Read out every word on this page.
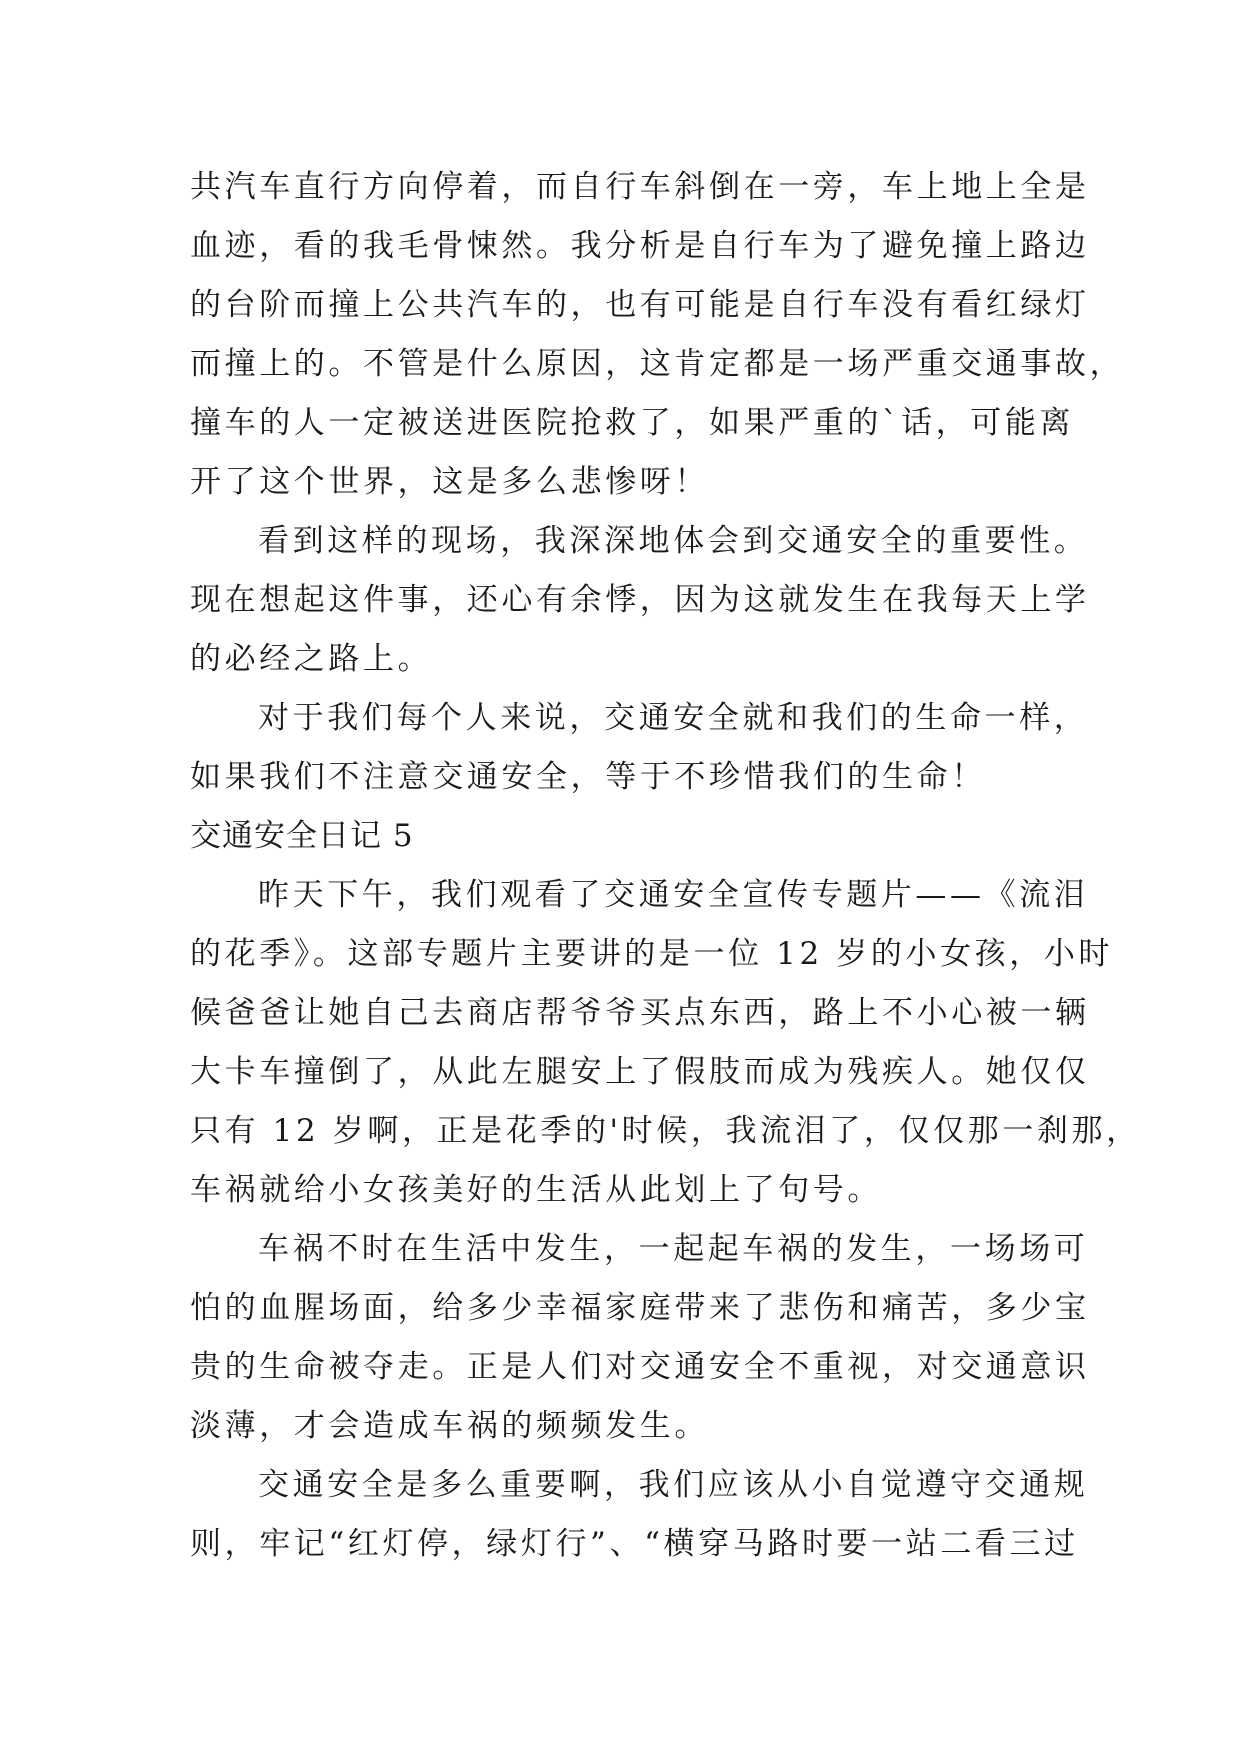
共汽车直行方向停着，而自行车斜倒在一旁，车上地上全是
血迹，看的我毛骨悚然。我分析是自行车为了避免撞上路边
的台阶而撞上公共汽车的，也有可能是自行车没有看红绿灯
而撞上的。不管是什么原因，这肯定都是一场严重交通事故，
撞车的人一定被送进医院抢救了，如果严重的`话，可能离
开了这个世界，这是多么悲惨呀！
看到这样的现场，我深深地体会到交通安全的重要性。
现在想起这件事，还心有余悸，因为这就发生在我每天上学
的必经之路上。
对于我们每个人来说，交通安全就和我们的生命一样，
如果我们不注意交通安全，等于不珍惜我们的生命！
交通安全日记 5
昨天下午，我们观看了交通安全宣传专题片——《流泪
的花季》。这部专题片主要讲的是一位 12 岁的小女孩，小时
候爸爸让她自己去商店帮爷爷买点东西，路上不小心被一辆
大卡车撞倒了，从此左腿安上了假肢而成为残疾人。她仅仅
只有 12 岁啊，正是花季的'时候，我流泪了，仅仅那一刹那，
车祸就给小女孩美好的生活从此划上了句号。
车祸不时在生活中发生，一起起车祸的发生，一场场可
怕的血腥场面，给多少幸福家庭带来了悲伤和痛苦，多少宝
贵的生命被夺走。正是人们对交通安全不重视，对交通意识
淡薄，才会造成车祸的频频发生。
交通安全是多么重要啊，我们应该从小自觉遵守交通规
则，牢记“红灯停，绿灯行”、“横穿马路时要一站二看三过
